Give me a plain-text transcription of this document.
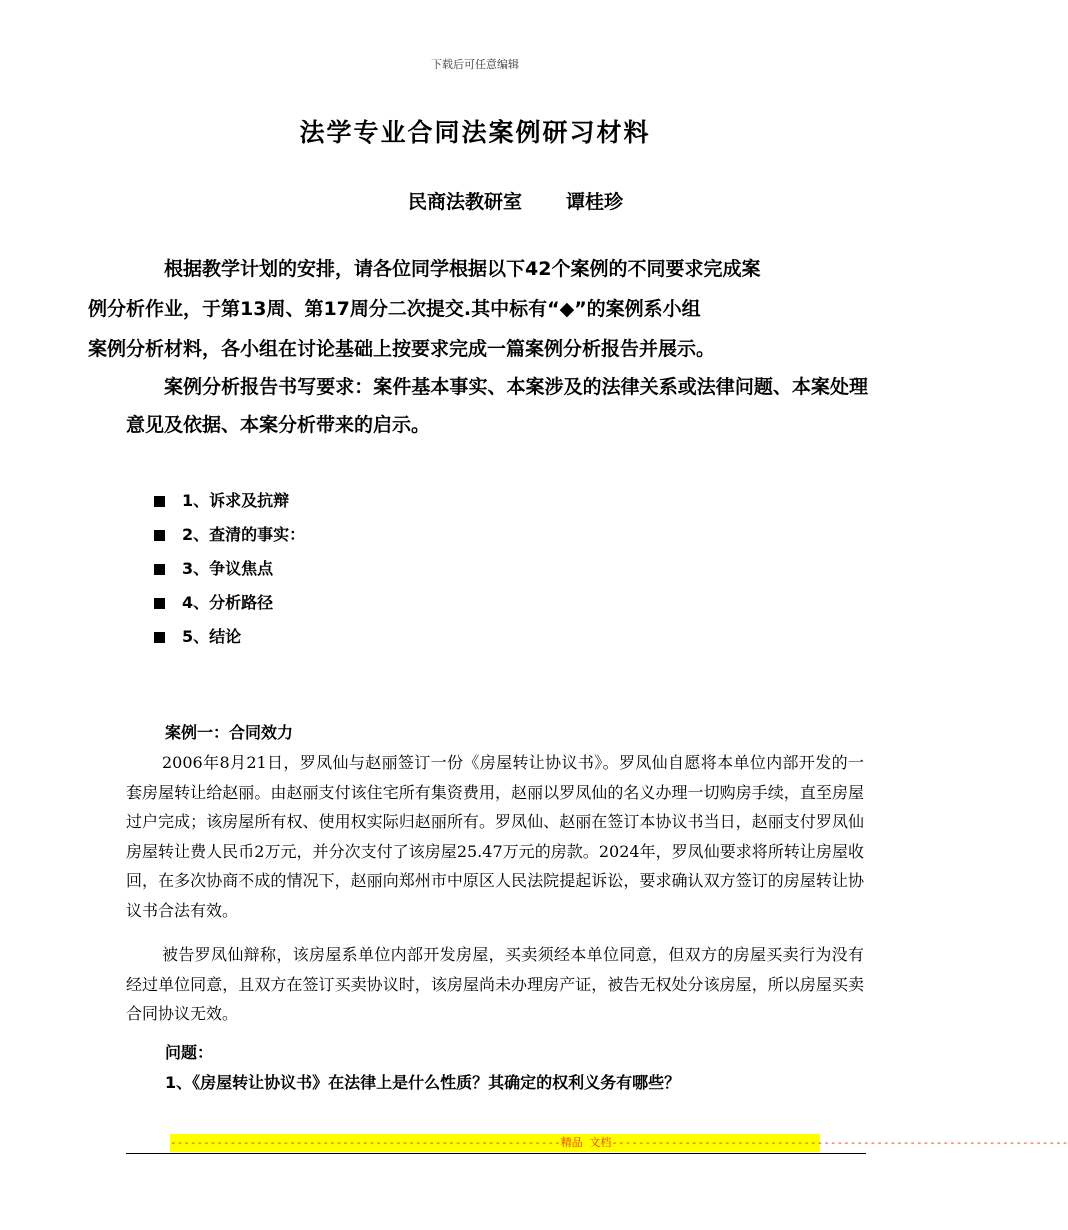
下载后可任意编辑
法学专业合同法案例研习材料
民商法教研室 谭桂珍

根据教学计划的安排，请各位同学根据以下42个案例的不同要求完成案
例分析作业，于第13周、第17周分二次提交.其中标有“◆”的案例系小组
案例分析材料，各小组在讨论基础上按要求完成一篇案例分析报告并展示。

案例分析报告书写要求：案件基本事实、本案涉及的法律关系或法律问题、本案处理意见及依据、本案分析带来的启示。

1、诉求及抗辩
2、查清的事实：
3、争议焦点
4、分析路径
5、结论
案例一：合同效力

2006年8月21日，罗凤仙与赵丽签订一份《房屋转让协议书》。罗凤仙自愿将本单位内部开发的一套房屋转让给赵丽。由赵丽支付该住宅所有集资费用，赵丽以罗凤仙的名义办理一切购房手续，直至房屋过户完成；该房屋所有权、使用权实际归赵丽所有。罗凤仙、赵丽在签订本协议书当日，赵丽支付罗凤仙房屋转让费人民币2万元，并分次支付了该房屋25.47万元的房款。2024年，罗凤仙要求将所转让房屋收回，在多次协商不成的情况下，赵丽向郑州市中原区人民法院提起诉讼，要求确认双方签订的房屋转让协议书合法有效。

被告罗凤仙辩称，该房屋系单位内部开发房屋，买卖须经本单位同意，但双方的房屋买卖行为没有经过单位同意，且双方在签订买卖协议时，该房屋尚未办理房产证，被告无权处分该房屋，所以房屋买卖合同协议无效。

问题：
1、《房屋转让协议书》在法律上是什么性质？其确定的权利义务有哪些？
-----------------------------------------------------------精品 文档---------------------------------------------------------------------
